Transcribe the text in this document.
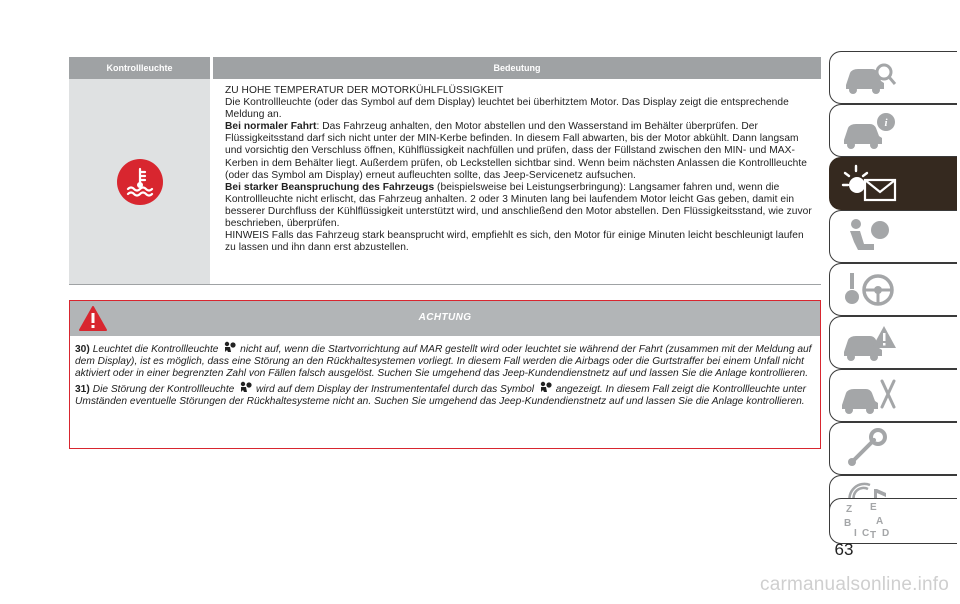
Kontrollleuchte	Bedeutung
ZU HOHE TEMPERATUR DER MOTORKÜHLFLÜSSIGKEIT
Die Kontrollleuchte (oder das Symbol auf dem Display) leuchtet bei überhitztem Motor. Das Display zeigt die entsprechende Meldung an.
Bei normaler Fahrt: Das Fahrzeug anhalten, den Motor abstellen und den Wasserstand im Behälter überprüfen. Der Flüssigkeitsstand darf sich nicht unter der MIN-Kerbe befinden. In diesem Fall abwarten, bis der Motor abkühlt. Dann langsam und vorsichtig den Verschluss öffnen, Kühlflüssigkeit nachfüllen und prüfen, dass der Füllstand zwischen den MIN- und MAX-Kerben in dem Behälter liegt. Außerdem prüfen, ob Leckstellen sichtbar sind. Wenn beim nächsten Anlassen die Kontrollleuchte (oder das Symbol am Display) erneut aufleuchten sollte, das Jeep-Servicenetz aufsuchen.
Bei starker Beanspruchung des Fahrzeugs (beispielsweise bei Leistungserbringung): Langsamer fahren und, wenn die Kontrollleuchte nicht erlischt, das Fahrzeug anhalten. 2 oder 3 Minuten lang bei laufendem Motor leicht Gas geben, damit ein besserer Durchfluss der Kühlflüssigkeit unterstützt wird, und anschließend den Motor abstellen. Den Flüssigkeitsstand, wie zuvor beschrieben, überprüfen.
HINWEIS Falls das Fahrzeug stark beansprucht wird, empfiehlt es sich, den Motor für einige Minuten leicht beschleunigt laufen zu lassen und ihn dann erst abzustellen.
ACHTUNG

30) Leuchtet die Kontrollleuchte nicht auf, wenn die Startvorrichtung auf MAR gestellt wird oder leuchtet sie während der Fahrt (zusammen mit der Meldung auf dem Display), ist es möglich, dass eine Störung an den Rückhaltesystemen vorliegt. In diesem Fall werden die Airbags oder die Gurtstraffer bei einem Unfall nicht aktiviert oder in einer begrenzten Zahl von Fällen falsch ausgelöst. Suchen Sie umgehend das Jeep-Kundendienstnetz auf und lassen Sie die Anlage kontrollieren.

31) Die Störung der Kontrollleuchte wird auf dem Display der Instrumententafel durch das Symbol angezeigt. In diesem Fall zeigt die Kontrollleuchte unter Umständen eventuelle Störungen der Rückhaltesysteme nicht an. Suchen Sie umgehend das Jeep-Kundendienstnetz auf und lassen Sie die Anlage kontrollieren.

i
Z E
B A
I C T D
63
carmanualsonline.info
